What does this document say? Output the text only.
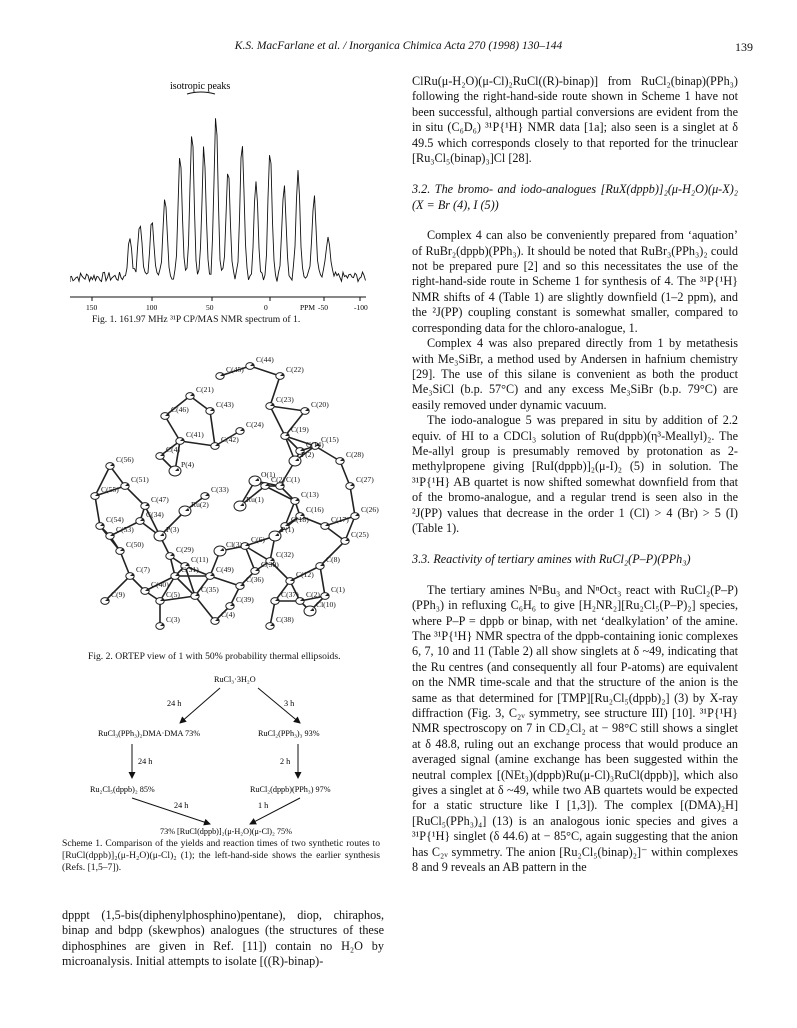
K.S. MacFarlane et al. / Inorganica Chimica Acta 270 (1998) 130–144	139
isotropic peaks
150	100	50	0	-50	-100
PPM
Fig. 1. 161.97 MHz ³¹P CP/MAS NMR spectrum of 1.
C(45)
C(44)
C(22)
C(21)
C(46)
C(43)
C(23)
C(20)
C(19)
C(14)
C(41)
C(42)
C(24)
C(15)
P(2)	C(28)
C(56)
C(4)
P(4)
O(1)
C(1)	C(27)
C(55)
C(51)
C(13)
C(16)
C(47)
C(33)
C(2)
C(18)	C(17)
C(26)
C(54)
C(34)
Ru(2)
Ru(1)
P(1)
C(25)
C(53)	P(3)
C(50)
C(29)
Cl(3)
C(6)
C(32)
C(7)
C(11)
C(49)
C(30)
C(31)
C(40)
C(35)
C(36)
C(12)
C(8)
C(2)
C(9)	C(5)
C(39)
C(37)
C(1)
Cl(10)
C(3)
C(4)
C(38)
Fig. 2. ORTEP view of 1 with 50% probability thermal ellipsoids.
RuCl₃·3H₂O
24 h	3 h
RuCl₃(PPh₃)₂DMA·DMA 73%	RuCl₂(PPh₃)₃ 93%
24 h	2 h
Ru₂Cl₅(dppb)₂ 85%	RuCl₂(dppb)(PPh₃) 97%
24 h	1 h
73% [RuCl(dppb)]₂(μ-H₂O)(μ-Cl)₂ 75%
Scheme 1. Comparison of the yields and reaction times of two synthetic routes to [RuCl(dppb)]₂(μ-H₂O)(μ-Cl)₂ (1); the left-hand-side shows the earlier synthesis (Refs. [1,5–7]).

dpppt (1,5-bis(diphenylphosphino)pentane), diop, chiraphos, binap and bdpp (skewphos) analogues (the structures of these diphosphines are given in Ref. [11]) contain no H₂O by microanalysis. Initial attempts to isolate [((R)-binap)-

ClRu(μ-H₂O)(μ-Cl)₂RuCl((R)-binap)] from RuCl₂(binap)(PPh₃) following the right-hand-side route shown in Scheme 1 have not been successful, although partial conversions are evident from the in situ (C₆D₆) ³¹P{¹H} NMR data [1a]; also seen is a singlet at δ 49.5 which corresponds closely to that reported for the trinuclear [Ru₃Cl₅(binap)₃]Cl [28].

3.2. The bromo- and iodo-analogues [RuX(dppb)]₂(μ-H₂O)(μ-X)₂ (X = Br (4), I (5))

Complex 4 can also be conveniently prepared from ‘aquation’ of RuBr₂(dppb)(PPh₃). It should be noted that RuBr₃(PPh₃)₂ could not be prepared pure [2] and so this necessitates the use of the right-hand-side route in Scheme 1 for synthesis of 4. The ³¹P{¹H} NMR shifts of 4 (Table 1) are slightly downfield (1–2 ppm), and the ²J(PP) coupling constant is somewhat smaller, compared to corresponding data for the chloro-analogue, 1.

Complex 4 was also prepared directly from 1 by metathesis with Me₃SiBr, a method used by Andersen in hafnium chemistry [29]. The use of this silane is convenient as both the product Me₃SiCl (b.p. 57°C) and any excess Me₃SiBr (b.p. 79°C) are easily removed under dynamic vacuum.

The iodo-analogue 5 was prepared in situ by addition of 2.2 equiv. of HI to a CDCl₃ solution of Ru(dppb)(η³-Meallyl)₂. The Me-allyl group is presumably removed by protonation as 2-methylpropene giving [RuI(dppb)]₂(μ-I)₂ (5) in solution. The ³¹P{¹H} AB quartet is now shifted somewhat downfield from that of the bromo-analogue, and a regular trend is seen also in the ²J(PP) values that decrease in the order 1 (Cl) > 4 (Br) > 5 (I) (Table 1).

3.3. Reactivity of tertiary amines with RuCl₂(P–P)(PPh₃)

The tertiary amines NⁿBu₃ and NⁿOct₃ react with RuCl₂(P–P)(PPh₃) in refluxing C₆H₆ to give [H₂NR₂][Ru₂Cl₅(P–P)₂] species, where P–P = dppb or binap, with net ‘dealkylation’ of the amine. The ³¹P{¹H} NMR spectra of the dppb-containing ionic complexes 6, 7, 10 and 11 (Table 2) all show singlets at δ ~49, indicating that the Ru centres (and consequently all four P-atoms) are equivalent on the NMR time-scale and that the structure of the anion is the same as that determined for [TMP][Ru₂Cl₅(dppb)₂] (3) by X-ray diffraction (Fig. 3, C₂ᵥ symmetry, see structure III) [10]. ³¹P{¹H} NMR spectroscopy on 7 in CD₂Cl₂ at − 98°C still shows a singlet at δ 48.8, ruling out an exchange process that would produce an averaged signal (amine exchange has been suggested within the neutral complex [(NEt₃)(dppb)Ru(μ-Cl)₃RuCl(dppb)], which also gives a singlet at δ ~49, while two AB quartets would be expected for a static structure like I [1,3]). The complex [(DMA)₂H][RuCl₅(PPh₃)₄] (13) is an analogous ionic species and gives a ³¹P{¹H} singlet (δ 44.6) at − 85°C, again suggesting that the anion has C₂ᵥ symmetry. The anion [Ru₂Cl₅(binap)₂]⁻ within complexes 8 and 9 reveals an AB pattern in the
